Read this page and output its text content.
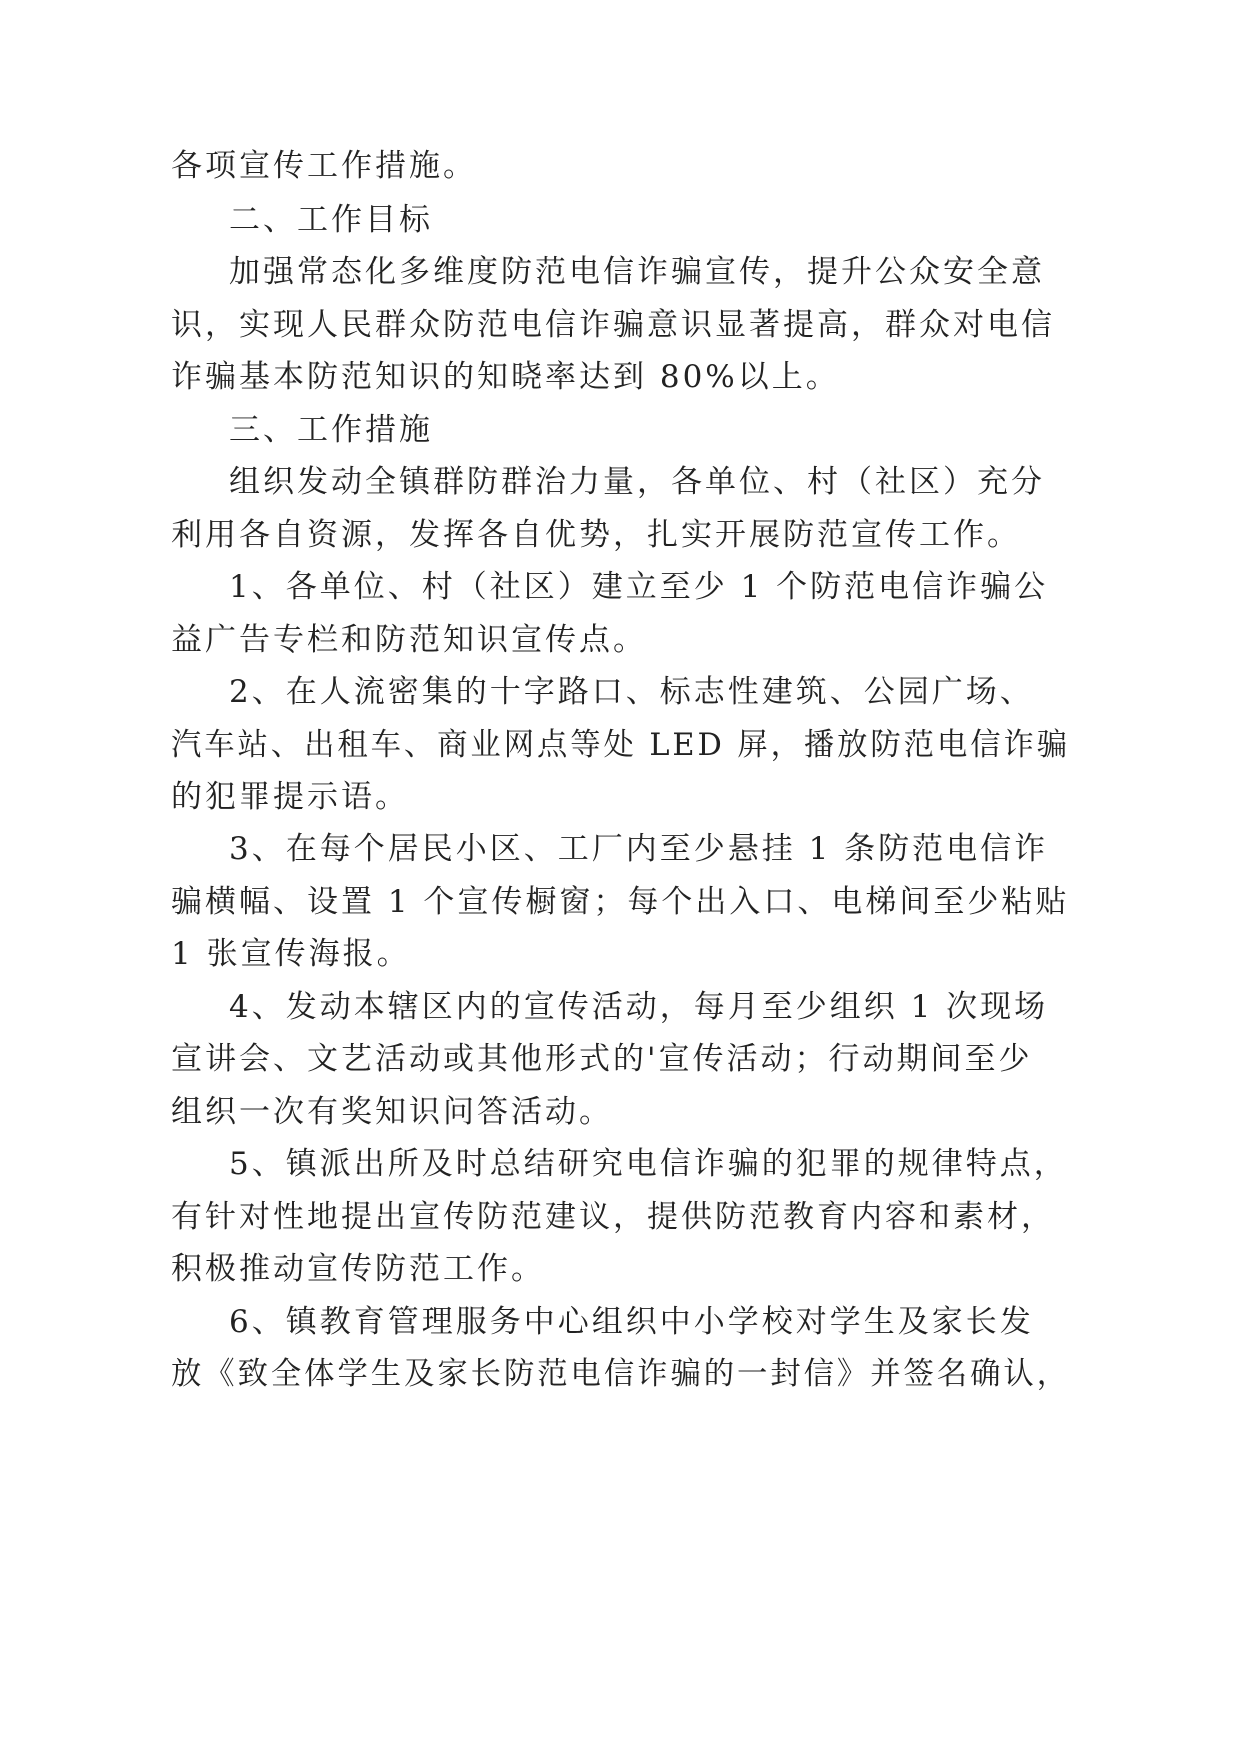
各项宣传工作措施。
二、工作目标
加强常态化多维度防范电信诈骗宣传，提升公众安全意
识，实现人民群众防范电信诈骗意识显著提高，群众对电信
诈骗基本防范知识的知晓率达到 80%以上。
三、工作措施
组织发动全镇群防群治力量，各单位、村（社区）充分
利用各自资源，发挥各自优势，扎实开展防范宣传工作。
1、各单位、村（社区）建立至少 1 个防范电信诈骗公
益广告专栏和防范知识宣传点。
2、在人流密集的十字路口、标志性建筑、公园广场、
汽车站、出租车、商业网点等处 LED 屏，播放防范电信诈骗
的犯罪提示语。
3、在每个居民小区、工厂内至少悬挂 1 条防范电信诈
骗横幅、设置 1 个宣传橱窗；每个出入口、电梯间至少粘贴
1 张宣传海报。
4、发动本辖区内的宣传活动，每月至少组织 1 次现场
宣讲会、文艺活动或其他形式的'宣传活动；行动期间至少
组织一次有奖知识问答活动。
5、镇派出所及时总结研究电信诈骗的犯罪的规律特点，
有针对性地提出宣传防范建议，提供防范教育内容和素材，
积极推动宣传防范工作。
6、镇教育管理服务中心组织中小学校对学生及家长发
放《致全体学生及家长防范电信诈骗的一封信》并签名确认，
